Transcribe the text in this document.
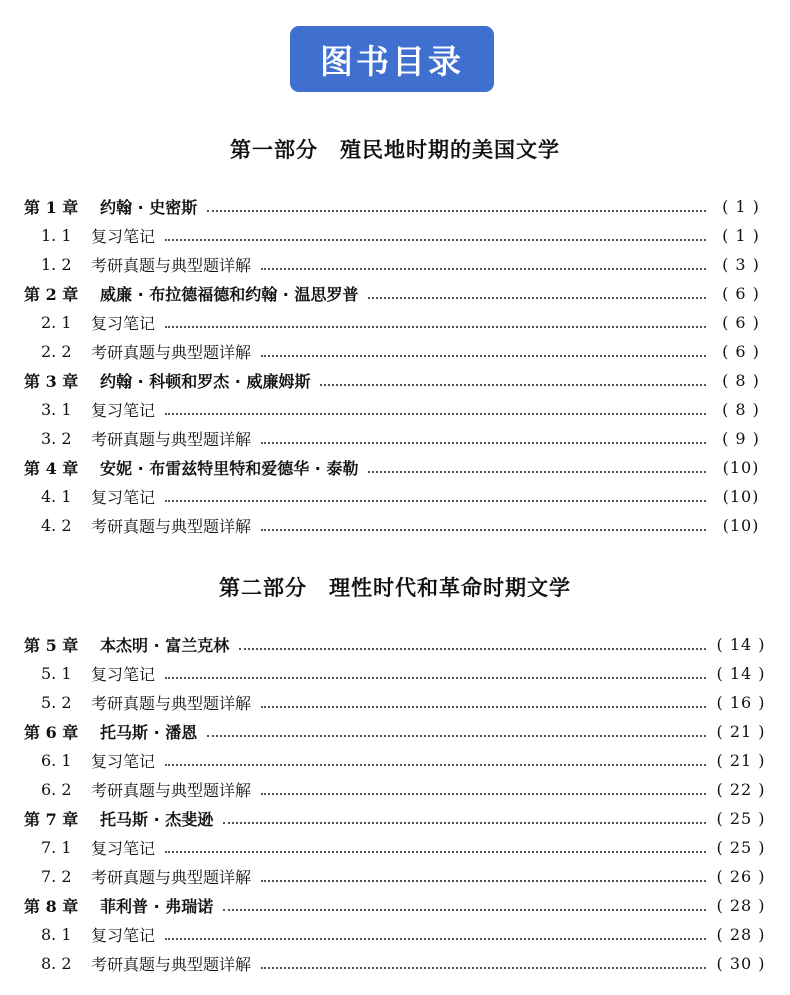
图书目录
第一部分　殖民地时期的美国文学
第 1 章	约翰 · 史密斯	( 1 )
1. 1	复习笔记	( 1 )
1. 2	考研真题与典型题详解	( 3 )
第 2 章	威廉 · 布拉德福德和约翰 · 温思罗普	( 6 )
2. 1	复习笔记	( 6 )
2. 2	考研真题与典型题详解	( 6 )
第 3 章	约翰 · 科顿和罗杰 · 威廉姆斯	( 8 )
3. 1	复习笔记	( 8 )
3. 2	考研真题与典型题详解	( 9 )
第 4 章	安妮 · 布雷兹特里特和爱德华 · 泰勒	(10)
4. 1	复习笔记	(10)
4. 2	考研真题与典型题详解	(10)
第二部分　理性时代和革命时期文学
第 5 章	本杰明 · 富兰克林	( 14 )
5. 1	复习笔记	( 14 )
5. 2	考研真题与典型题详解	( 16 )
第 6 章	托马斯 · 潘恩	( 21 )
6. 1	复习笔记	( 21 )
6. 2	考研真题与典型题详解	( 22 )
第 7 章	托马斯 · 杰斐逊	( 25 )
7. 1	复习笔记	( 25 )
7. 2	考研真题与典型题详解	( 26 )
第 8 章	菲利普 · 弗瑞诺	( 28 )
8. 1	复习笔记	( 28 )
8. 2	考研真题与典型题详解	( 30 )
